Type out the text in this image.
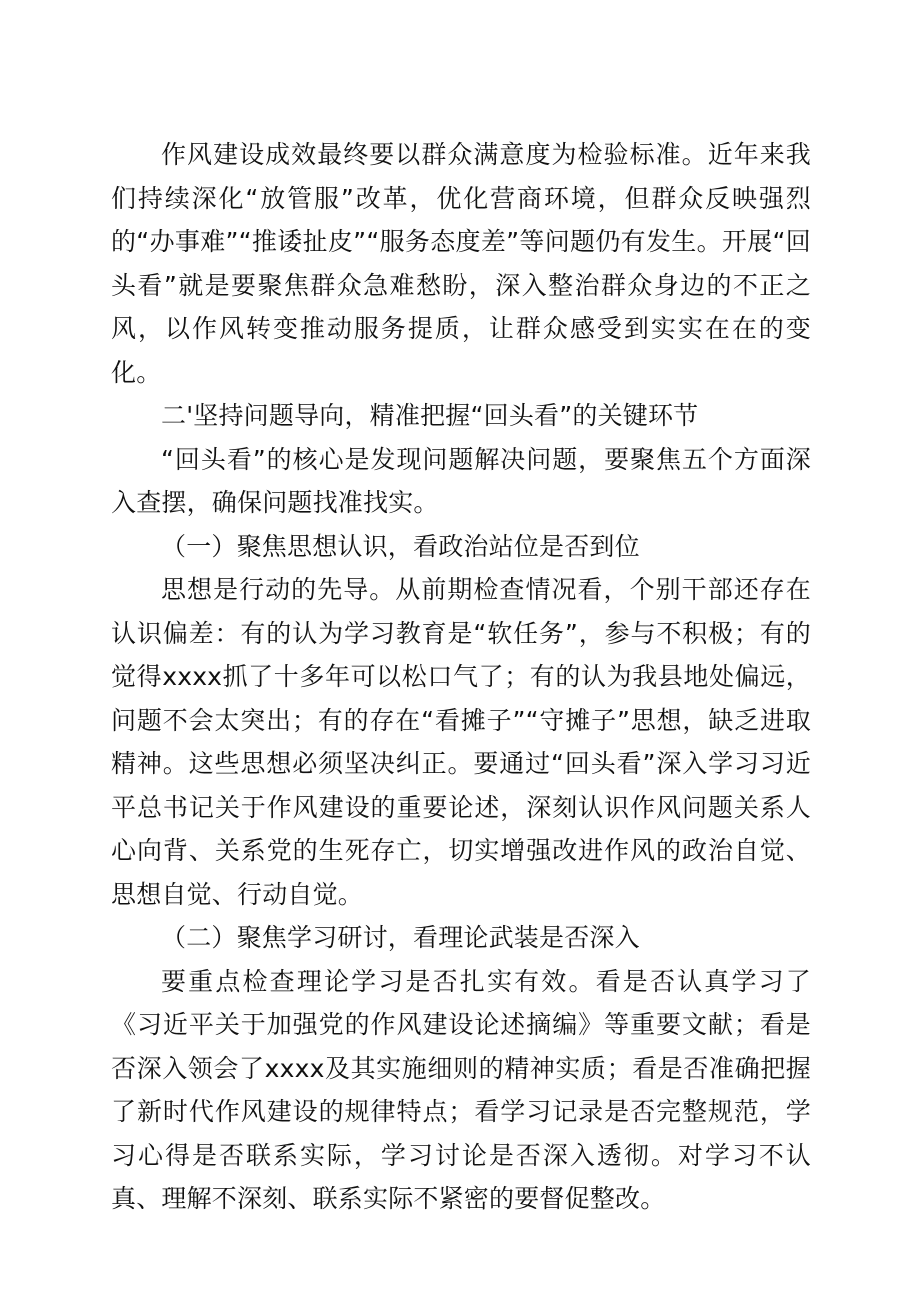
作风建设成效最终要以群众满意度为检验标准。近年来我们持续深化“放管服”改革，优化营商环境，但群众反映强烈的“办事难”“推诿扯皮”“服务态度差”等问题仍有发生。开展“回头看”就是要聚焦群众急难愁盼，深入整治群众身边的不正之风，以作风转变推动服务提质，让群众感受到实实在在的变化。

二'坚持问题导向，精准把握“回头看”的关键环节

“回头看”的核心是发现问题解决问题，要聚焦五个方面深入查摆，确保问题找准找实。

（一）聚焦思想认识，看政治站位是否到位

思想是行动的先导。从前期检查情况看，个别干部还存在认识偏差：有的认为学习教育是“软任务”，参与不积极；有的觉得xxxx抓了十多年可以松口气了；有的认为我县地处偏远，问题不会太突出；有的存在“看摊子”“守摊子”思想，缺乏进取精神。这些思想必须坚决纠正。要通过“回头看”深入学习习近平总书记关于作风建设的重要论述，深刻认识作风问题关系人心向背、关系党的生死存亡，切实增强改进作风的政治自觉、思想自觉、行动自觉。

（二）聚焦学习研讨，看理论武装是否深入

要重点检查理论学习是否扎实有效。看是否认真学习了《习近平关于加强党的作风建设论述摘编》等重要文献；看是否深入领会了xxxx及其实施细则的精神实质；看是否准确把握了新时代作风建设的规律特点；看学习记录是否完整规范，学习心得是否联系实际，学习讨论是否深入透彻。对学习不认真、理解不深刻、联系实际不紧密的要督促整改。
